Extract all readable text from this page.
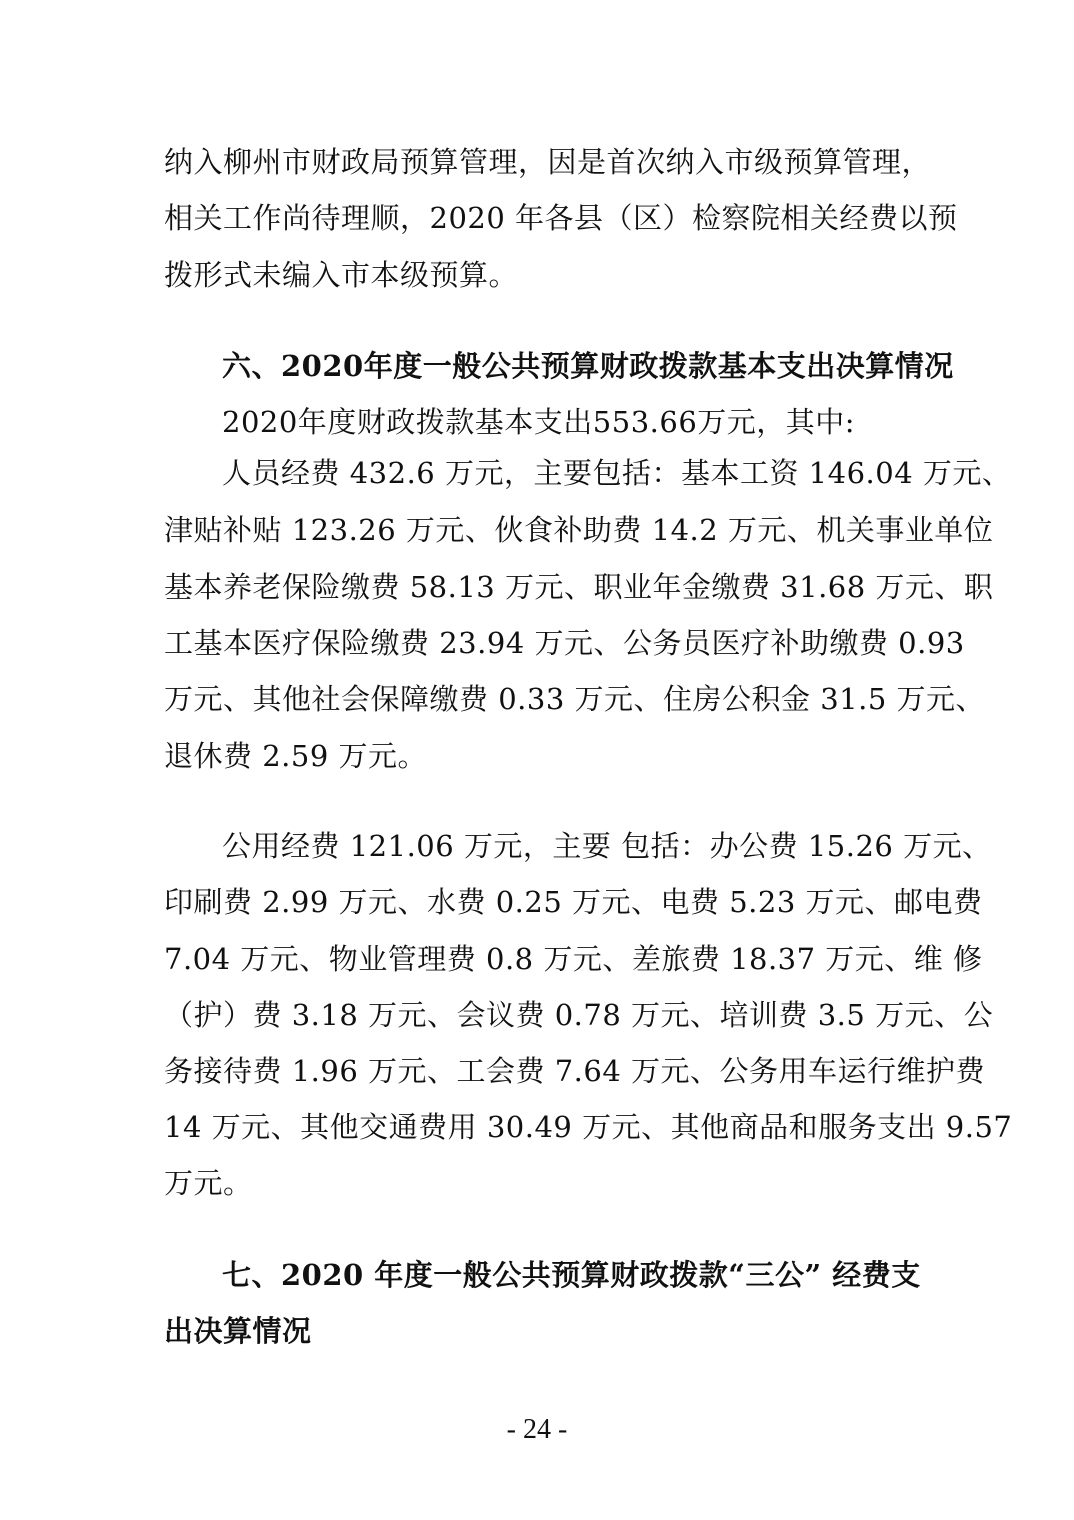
纳入柳州市财政局预算管理，因是首次纳入市级预算管理，
相关工作尚待理顺，2020 年各县（区）检察院相关经费以预
拨形式未编入市本级预算。
六、2020年度一般公共预算财政拨款基本支出决算情况
2020年度财政拨款基本支出553.66万元，其中:
人员经费 432.6 万元，主要包括：基本工资 146.04 万元、
津贴补贴 123.26 万元、伙食补助费 14.2 万元、机关事业单位
基本养老保险缴费 58.13 万元、职业年金缴费 31.68 万元、职
工基本医疗保险缴费 23.94 万元、公务员医疗补助缴费 0.93
万元、其他社会保障缴费 0.33 万元、住房公积金 31.5 万元、
退休费 2.59 万元。
公用经费 121.06 万元，主要 包括：办公费 15.26 万元、
印刷费 2.99 万元、水费 0.25 万元、电费 5.23 万元、邮电费
7.04 万元、物业管理费 0.8 万元、差旅费 18.37 万元、维 修
（护）费 3.18 万元、会议费 0.78 万元、培训费 3.5 万元、公
务接待费 1.96 万元、工会费 7.64 万元、公务用车运行维护费
14 万元、其他交通费用 30.49 万元、其他商品和服务支出 9.57
万元。
七、2020 年度一般公共预算财政拨款“三公” 经费支
出决算情况
- 24 -
